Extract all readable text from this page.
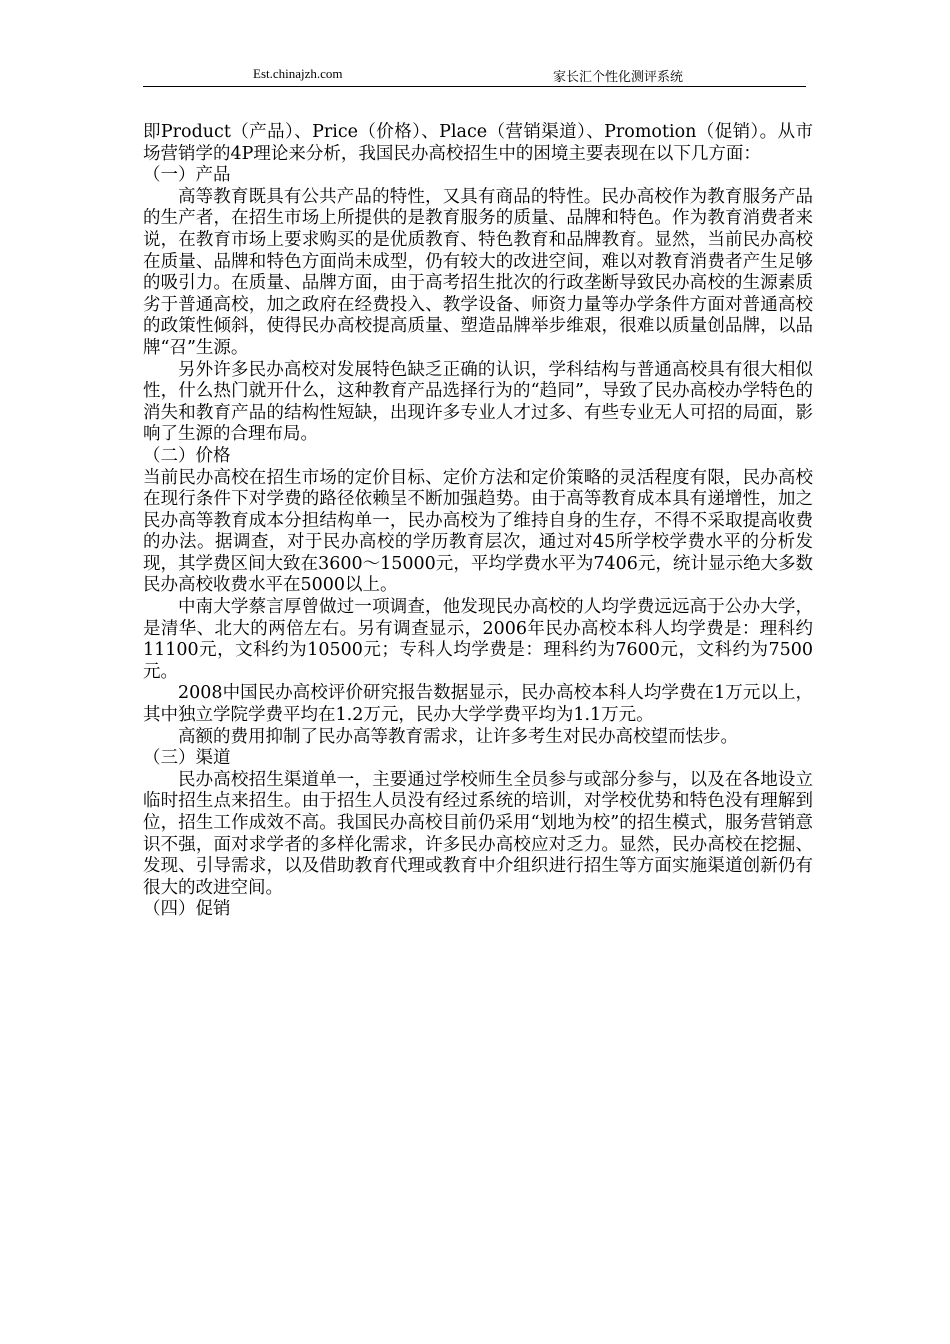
Est.chinajzh.com	家长汇个性化测评系统

即Product（产品）、Price（价格）、Place（营销渠道）、Promotion（促销）。从市场营销学的4P理论来分析，我国民办高校招生中的困境主要表现在以下几方面：

（一）产品

高等教育既具有公共产品的特性，又具有商品的特性。民办高校作为教育服务产品的生产者，在招生市场上所提供的是教育服务的质量、品牌和特色。作为教育消费者来说，在教育市场上要求购买的是优质教育、特色教育和品牌教育。显然，当前民办高校在质量、品牌和特色方面尚未成型，仍有较大的改进空间，难以对教育消费者产生足够的吸引力。在质量、品牌方面，由于高考招生批次的行政垄断导致民办高校的生源素质劣于普通高校，加之政府在经费投入、教学设备、师资力量等办学条件方面对普通高校的政策性倾斜，使得民办高校提高质量、塑造品牌举步维艰，很难以质量创品牌，以品牌“召”生源。

另外许多民办高校对发展特色缺乏正确的认识，学科结构与普通高校具有很大相似性，什么热门就开什么，这种教育产品选择行为的“趋同”，导致了民办高校办学特色的消失和教育产品的结构性短缺，出现许多专业人才过多、有些专业无人可招的局面，影响了生源的合理布局。

（二）价格

当前民办高校在招生市场的定价目标、定价方法和定价策略的灵活程度有限，民办高校在现行条件下对学费的路径依赖呈不断加强趋势。由于高等教育成本具有递增性，加之民办高等教育成本分担结构单一，民办高校为了维持自身的生存，不得不采取提高收费的办法。据调查，对于民办高校的学历教育层次，通过对45所学校学费水平的分析发现，其学费区间大致在3600～15000元，平均学费水平为7406元，统计显示绝大多数民办高校收费水平在5000以上。

中南大学蔡言厚曾做过一项调查，他发现民办高校的人均学费远远高于公办大学，是清华、北大的两倍左右。另有调查显示，2006年民办高校本科人均学费是：理科约11100元，文科约为10500元；专科人均学费是：理科约为7600元，文科约为7500元。

2008中国民办高校评价研究报告数据显示，民办高校本科人均学费在1万元以上，其中独立学院学费平均在1.2万元，民办大学学费平均为1.1万元。

高额的费用抑制了民办高等教育需求，让许多考生对民办高校望而怯步。

（三）渠道

民办高校招生渠道单一，主要通过学校师生全员参与或部分参与，以及在各地设立临时招生点来招生。由于招生人员没有经过系统的培训，对学校优势和特色没有理解到位，招生工作成效不高。我国民办高校目前仍采用“划地为校”的招生模式，服务营销意识不强，面对求学者的多样化需求，许多民办高校应对乏力。显然，民办高校在挖掘、发现、引导需求，以及借助教育代理或教育中介组织进行招生等方面实施渠道创新仍有很大的改进空间。

（四）促销
